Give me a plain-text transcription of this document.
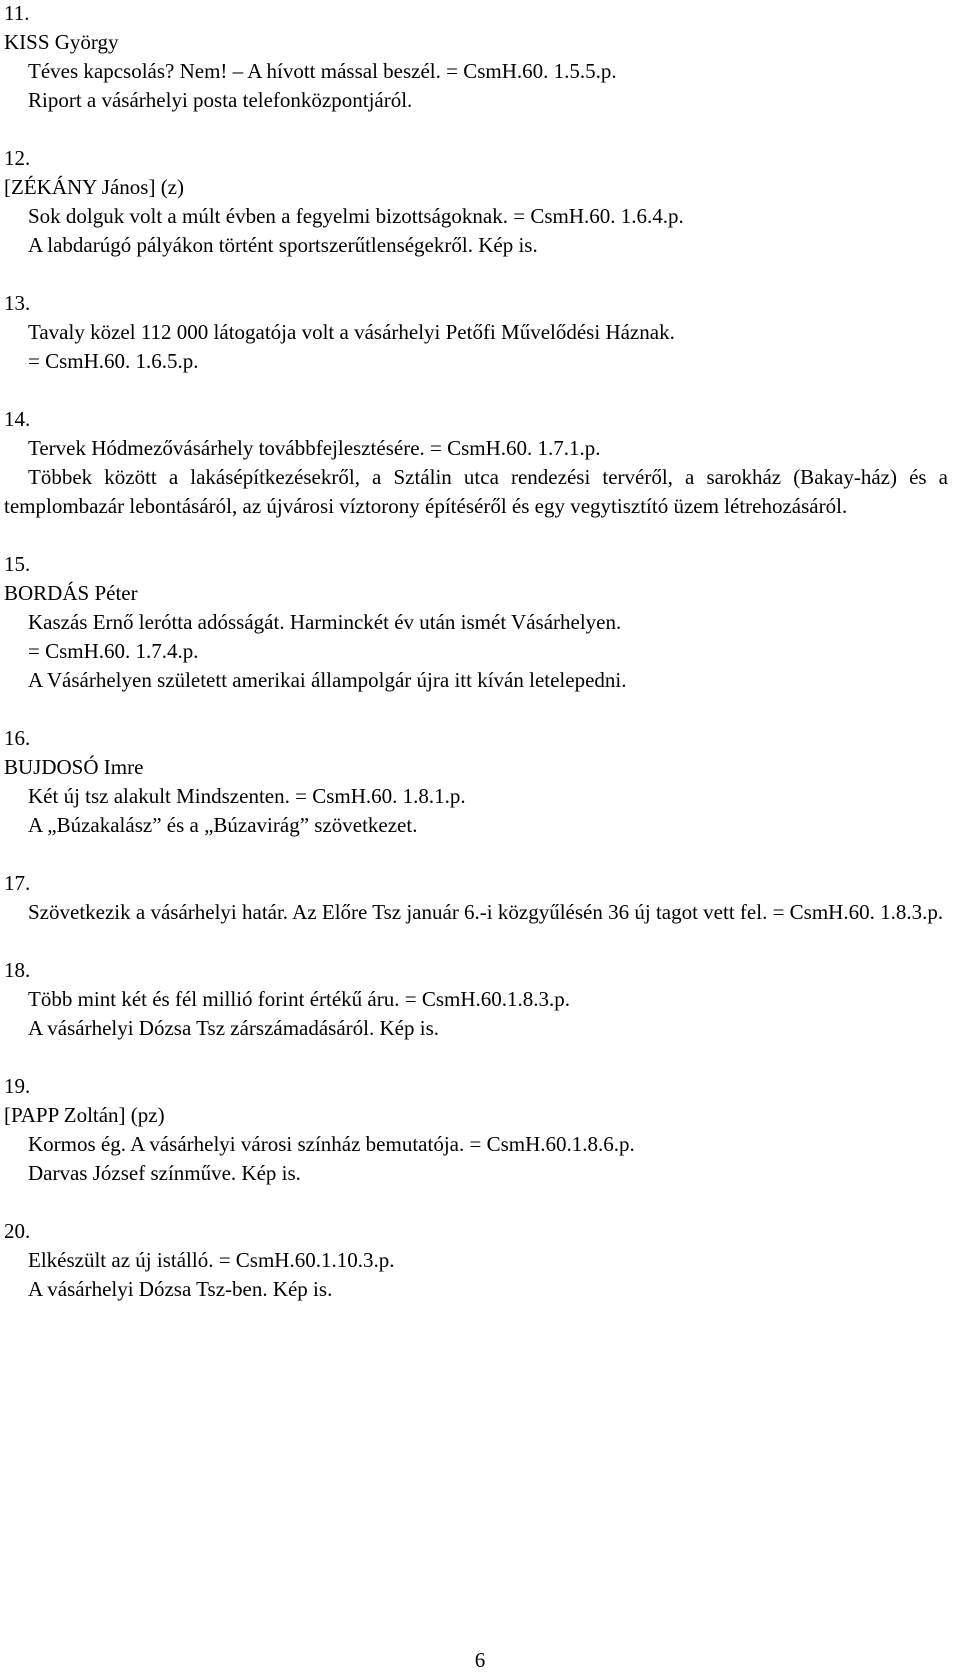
11.
KISS György
Téves kapcsolás? Nem! – A hívott mással beszél. = CsmH.60. 1.5.5.p.
Riport a vásárhelyi posta telefonközpontjáról.
12.
[ZÉKÁNY János] (z)
Sok dolguk volt a múlt évben a fegyelmi bizottságoknak. = CsmH.60. 1.6.4.p.
A labdarúgó pályákon történt sportszerűtlenségekről. Kép is.
13.
Tavaly közel 112 000 látogatója volt a vásárhelyi Petőfi Művelődési Háznak.
= CsmH.60. 1.6.5.p.
14.
Tervek Hódmezővásárhely továbbfejlesztésére. = CsmH.60. 1.7.1.p.
Többek között a lakásépítkezésekről, a Sztálin utca rendezési tervéről, a sarokház (Bakay-ház) és a templombazár lebontásáról, az újvárosi víztorony építéséről és egy vegytisztító üzem létrehozásáról.
15.
BORDÁS Péter
Kaszás Ernő lerótta adósságát. Harminckét év után ismét Vásárhelyen.
= CsmH.60. 1.7.4.p.
A Vásárhelyen született amerikai állampolgár újra itt kíván letelepedni.
16.
BUJDOSÓ Imre
Két új tsz alakult Mindszenten. = CsmH.60. 1.8.1.p.
A „Búzakalász” és a „Búzavirág” szövetkezet.
17.
Szövetkezik a vásárhelyi határ. Az Előre Tsz január 6.-i közgyűlésén 36 új tagot vett fel. = CsmH.60. 1.8.3.p.
18.
Több mint két és fél millió forint értékű áru. = CsmH.60.1.8.3.p.
A vásárhelyi Dózsa Tsz zárszámadásáról. Kép is.
19.
[PAPP Zoltán] (pz)
Kormos ég. A vásárhelyi városi színház bemutatója. = CsmH.60.1.8.6.p.
Darvas József színműve. Kép is.
20.
Elkészült az új istálló. = CsmH.60.1.10.3.p.
A vásárhelyi Dózsa Tsz-ben. Kép is.
6
